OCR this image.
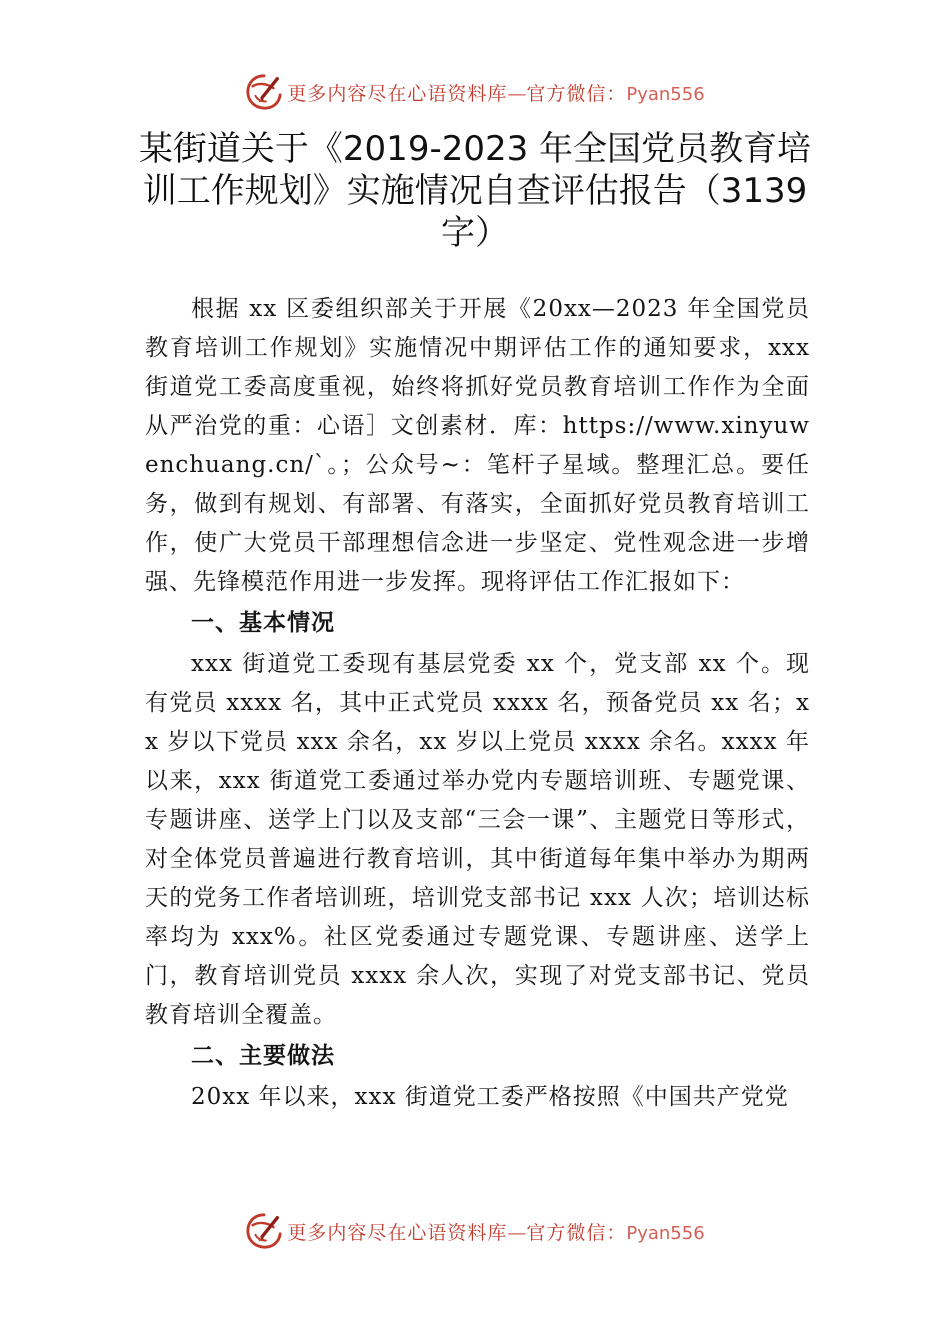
更多内容尽在心语资料库—官方微信：Pyan556
某街道关于《2019-2023 年全国党员教育培训工作规划》实施情况自查评估报告（3139字）

根据 xx 区委组织部关于开展《20xx—2023 年全国党员教育培训工作规划》实施情况中期评估工作的通知要求，xxx 街道党工委高度重视，始终将抓好党员教育培训工作作为全面从严治党的重：心语］文创素材．库：https://www.xinyuwenchuang.cn/`。；公众号~：笔杆子星域。整理汇总。要任务，做到有规划、有部署、有落实，全面抓好党员教育培训工作，使广大党员干部理想信念进一步坚定、党性观念进一步增强、先锋模范作用进一步发挥。现将评估工作汇报如下：

一、基本情况

xxx 街道党工委现有基层党委 xx 个，党支部 xx 个。现有党员 xxxx 名，其中正式党员 xxxx 名，预备党员 xx 名；xx 岁以下党员 xxx 余名，xx 岁以上党员 xxxx 余名。xxxx 年以来，xxx 街道党工委通过举办党内专题培训班、专题党课、专题讲座、送学上门以及支部“三会一课”、主题党日等形式，对全体党员普遍进行教育培训，其中街道每年集中举办为期两天的党务工作者培训班，培训党支部书记 xxx 人次；培训达标率均为 xxx%。社区党委通过专题党课、专题讲座、送学上门，教育培训党员 xxxx 余人次，实现了对党支部书记、党员教育培训全覆盖。

二、主要做法

20xx 年以来，xxx 街道党工委严格按照《中国共产党党

更多内容尽在心语资料库—官方微信：Pyan556
